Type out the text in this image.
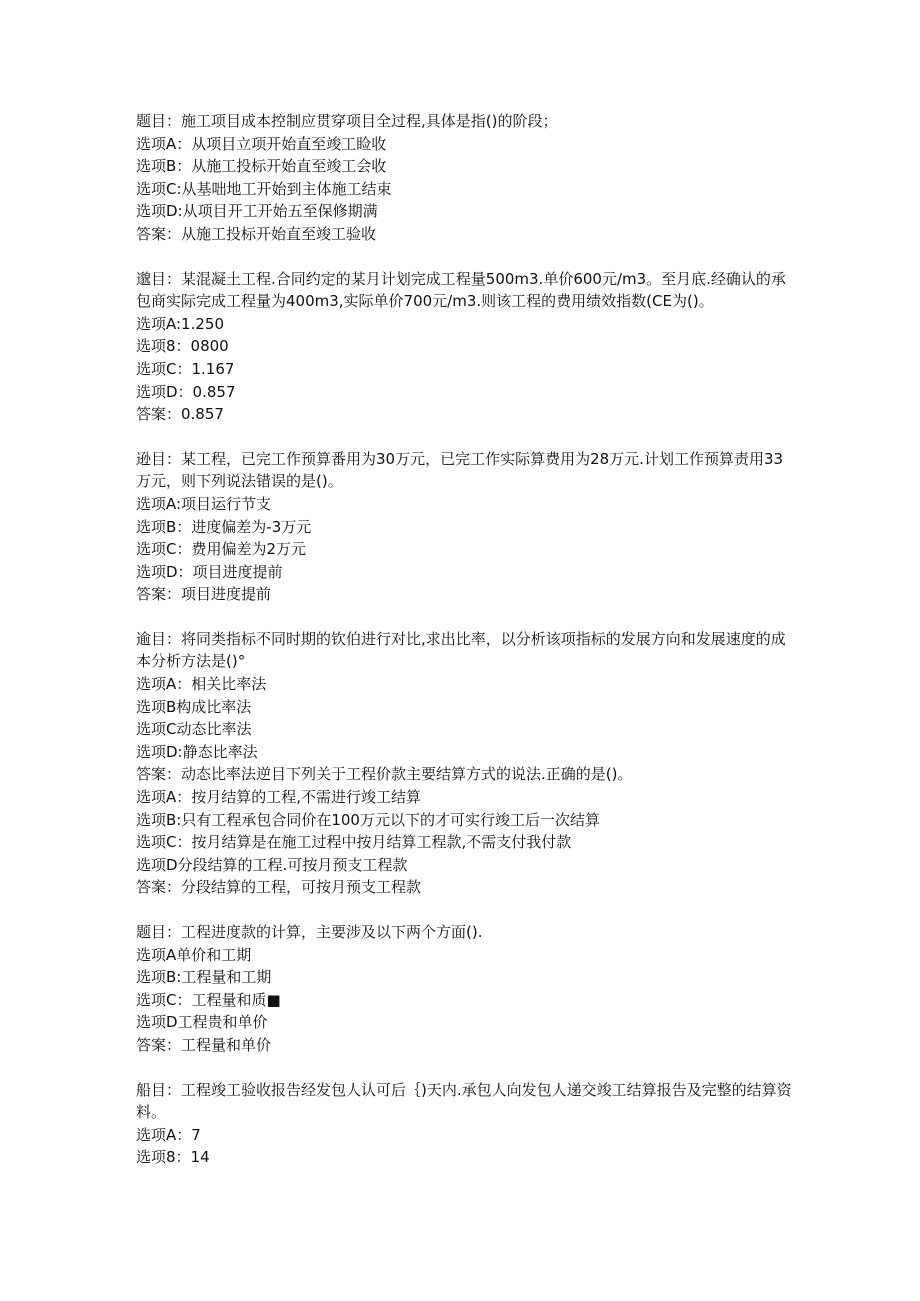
题目：施工项目成本控制应贯穿项目全过程,具体是指()的阶段；
选项A：从项目立项开始直至竣工睑收
选项B：从施工投标开始直至竣工会收
选项C:从基咄地工开始到主体施工结束
选项D:从项目开工开始五至保修期满
答案：从施工投标开始直至竣工验收
邈目：某混凝土工程.合同约定的某月计划完成工程量500m3.单价600元/m3。至月底.经确认的承包商实际完成工程量为400m3,实际单价700元/m3.则该工程的费用绩效指数(CE为()。
选项A:1.250
选项8：0800
选项C：1.167
选项D：0.857
答案：0.857
逊目：某工程，已完工作预算番用为30万元，已完工作实际算费用为28万元.计划工作预算责用33万元，则下列说法错误的是()。
选项A:项目运行节支
选项B：进度偏差为-3万元
选项C：费用偏差为2万元
选项D：项目进度提前
答案：项目进度提前
逾目：将同类指标不同时期的钦伯进行对比,求出比率，以分析该项指标的发展方向和发展速度的成本分析方法是()°
选项A：相关比率法
选项B构成比率法
选项C动态比率法
选项D:静态比率法
答案：动态比率法逆目下列关于工程价款主要结算方式的说法.正确的是()。
选项A：按月结算的工程,不需进行竣工结算
选项B:只有工程承包合同价在100万元以下的才可实行竣工后一次结算
选项C：按月结算是在施工过程中按月结算工程款,不需支付我付款
选项D分段结算的工程.可按月预支工程款
答案：分段结算的工程，可按月预支工程款
题目：工程进度款的计算，主要涉及以下两个方面().
选项A单价和工期
选项B:工程量和工期
选项C：工程量和质■
选项D工程贵和单价
答案：工程量和单价
船目：工程竣工验收报告经发包人认可后｛)天内.承包人向发包人递交竣工结算报告及完整的结算资料。
选项A：7
选项8：14
